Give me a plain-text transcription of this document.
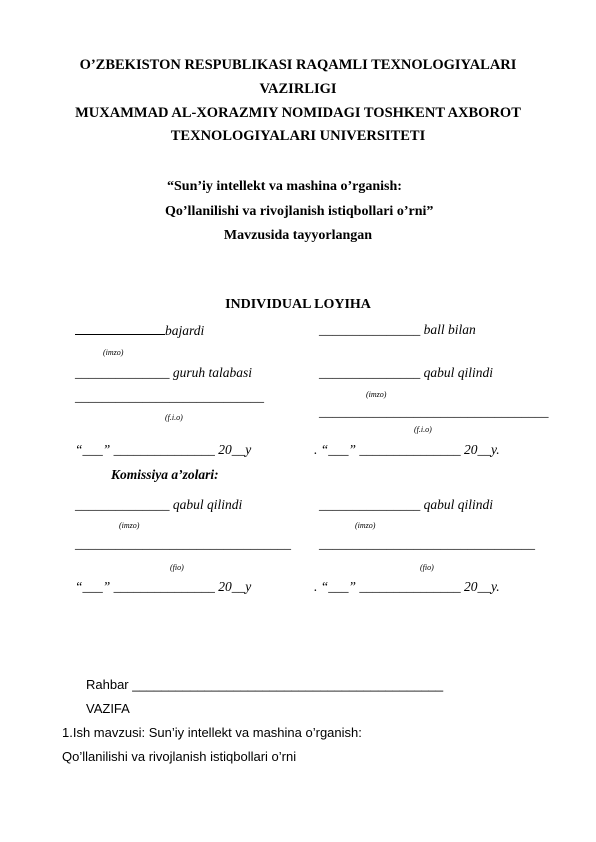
O’ZBEKISTON RESPUBLIKASI RAQAMLI TEXNOLOGIYALARI
VAZIRLIGI
MUXAMMAD AL-XORAZMIY NOMIDAGI TOSHKENT AXBOROT
TEXNOLOGIYALARI UNIVERSITETI
“Sun’iy intellekt va mashina o’rganish:
Qo’llanilishi va rivojlanish istiqbollari o’rni”
Mavzusida tayyorlangan
INDIVIDUAL LOYIHA
bajardi
(imzo)
______________ guruh talabasi
____________________________
(f.i.o)
“___” _______________ 20__y
Komissiya a’zolari:
______________ qabul qilindi
(imzo)
________________________________
(fio)
“___” _______________ 20__y
_______________ ball bilan
_______________ qabul qilindi
(imzo)
__________________________________
(f.i.o)
. “___” _______________ 20__y.
_______________ qabul qilindi
(imzo)
________________________________
(fio)
. “___” _______________ 20__y.
Rahbar ___________________________________________
VAZIFA
1.Ish mavzusi: Sun’iy intellekt va mashina o’rganish:
Qo’llanilishi va rivojlanish istiqbollari o’rni
